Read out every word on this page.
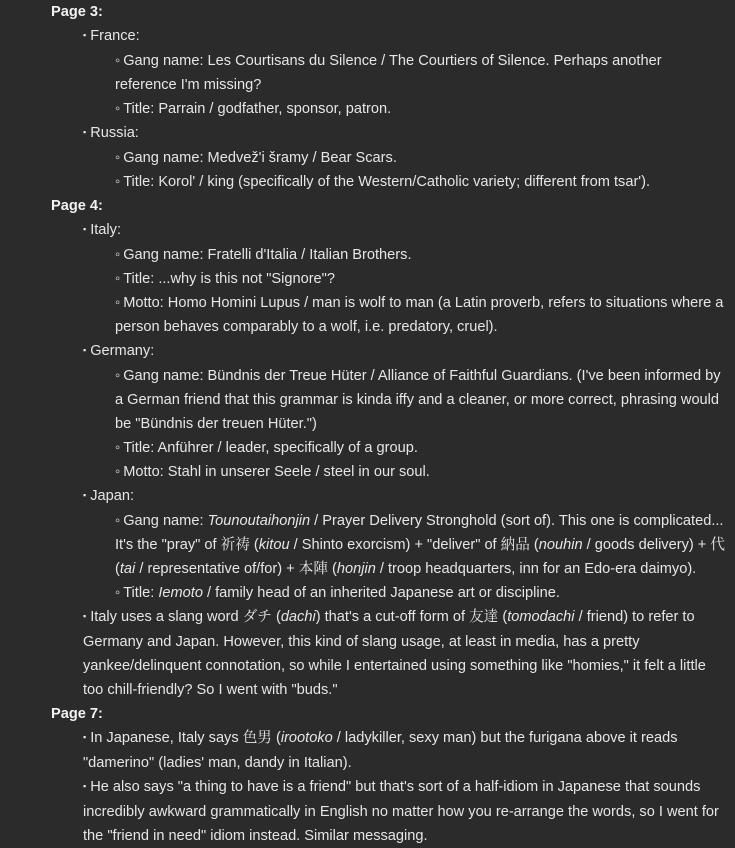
Page 3:
▪ France:
◦ Gang name: Les Courtisans du Silence / The Courtiers of Silence. Perhaps another reference I'm missing?
◦ Title: Parrain / godfather, sponsor, patron.
▪ Russia:
◦ Gang name: Medvež'i šramy / Bear Scars.
◦ Title: Korol' / king (specifically of the Western/Catholic variety; different from tsar').
Page 4:
▪ Italy:
◦ Gang name: Fratelli d'Italia / Italian Brothers.
◦ Title: ...why is this not "Signore"?
◦ Motto: Homo Homini Lupus / man is wolf to man (a Latin proverb, refers to situations where a person behaves comparably to a wolf, i.e. predatory, cruel).
▪ Germany:
◦ Gang name: Bündnis der Treue Hüter / Alliance of Faithful Guardians. (I've been informed by a German friend that this grammar is kinda iffy and a cleaner, or more correct, phrasing would be "Bündnis der treuen Hüter.")
◦ Title: Anführer / leader, specifically of a group.
◦ Motto: Stahl in unserer Seele / steel in our soul.
▪ Japan:
◦ Gang name: Tounoutaihonjin / Prayer Delivery Stronghold (sort of). This one is complicated... It's the "pray" of 祈祷 (kitou / Shinto exorcism) + "deliver" of 納品 (nouhin / goods delivery) + 代 (tai / representative of/for) + 本陣 (honjin / troop headquarters, inn for an Edo-era daimyo).
◦ Title: Iemoto / family head of an inherited Japanese art or discipline.
▪ Italy uses a slang word ダチ (dachi) that's a cut-off form of 友達 (tomodachi / friend) to refer to Germany and Japan. However, this kind of slang usage, at least in media, has a pretty yankee/delinquent connotation, so while I entertained using something like "homies," it felt a little too chill-friendly? So I went with "buds."
Page 7:
▪ In Japanese, Italy says 色男 (irootoko / ladykiller, sexy man) but the furigana above it reads "damerino" (ladies' man, dandy in Italian).
▪ He also says "a thing to have is a friend" but that's sort of a half-idiom in Japanese that sounds incredibly awkward grammatically in English no matter how you re-arrange the words, so I went for the "friend in need" idiom instead. Similar messaging.
